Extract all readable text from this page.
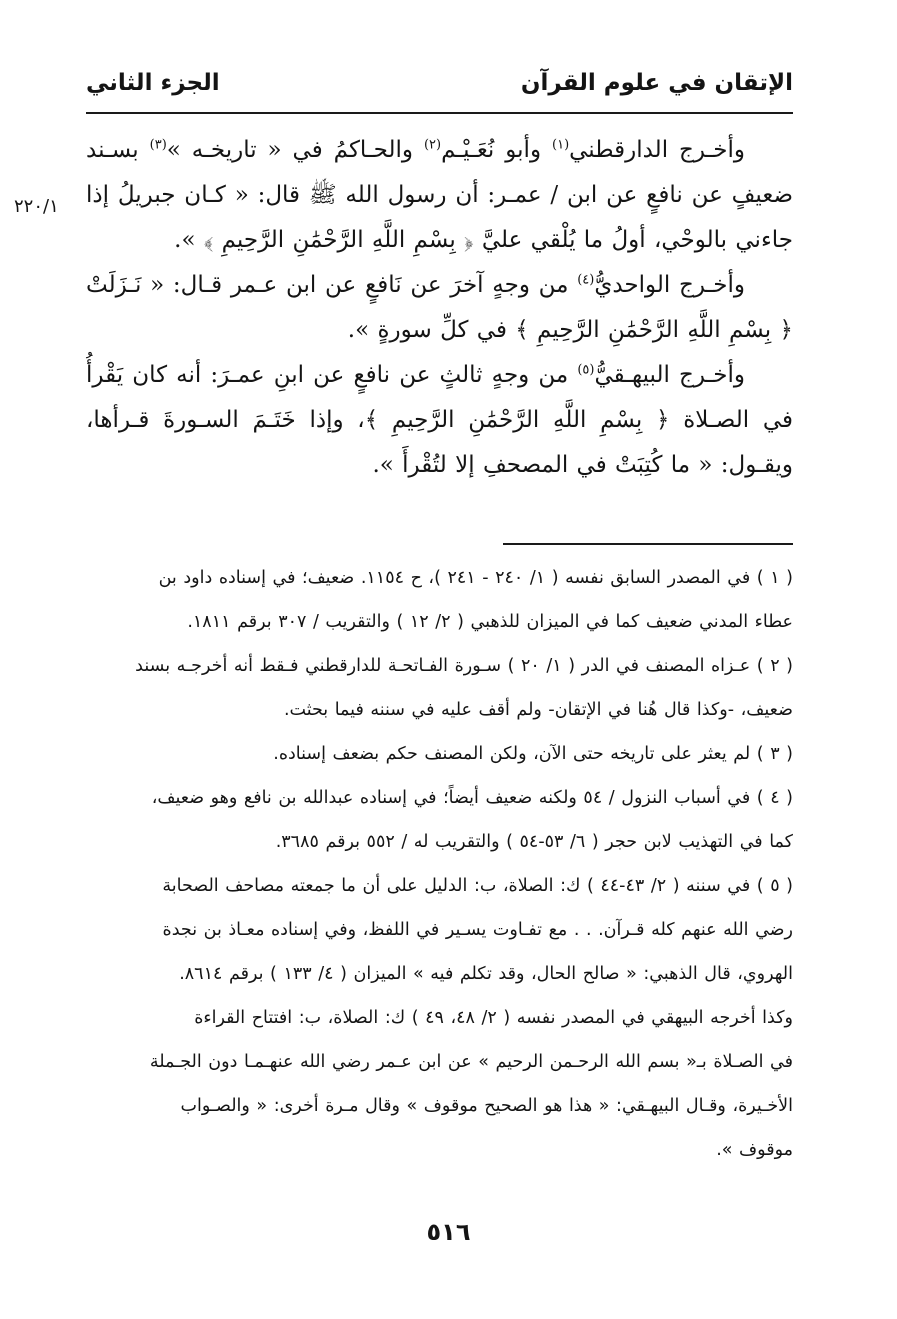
الإتقان في علوم القرآن
الجزء الثاني
٢٢٠/١

وأخـرج الدارقطني$^{(١)}$ وأبو نُعَـيْـم$^{(٢)}$ والحـاكمُ في « تاريخـه »$^{(٣)}$ بسـند ضعيفٍ عن نافعٍ عن ابن / عمـر: أن رسول الله ﷺ قال: « كـان جبريلُ إذا جاءني بالوحْي، أولُ ما يُلْقي عليَّ ﴿ بِسْمِ اللَّهِ الرَّحْمَٰنِ الرَّحِيمِ ﴾ ».

وأخـرج الواحديُّ$^{(٤)}$ من وجهٍ آخرَ عن نَافعٍ عن ابن عـمر قـال: « نَـزَلَتْ ﴿ بِسْمِ اللَّهِ الرَّحْمَٰنِ الرَّحِيمِ ﴾ في كلِّ سورةٍ ».

وأخـرج البيهـقيُّ$^{(٥)}$ من وجهٍ ثالثٍ عن نافعٍ عن ابنِ عمـرَ: أنه كان يَقْرأُ في الصـلاة ﴿ بِسْمِ اللَّهِ الرَّحْمَٰنِ الرَّحِيمِ ﴾، وإذا خَتَـمَ السـورةَ قـرأها، ويقـول: « ما كُتِبَتْ في المصحفِ إلا لتُقْرأَ ».

( ١ ) في المصدر السابق نفسه ( ١/ ٢٤٠ - ٢٤١ )، ح ١١٥٤. ضعيف؛ في إسناده داود بن

عطاء المدني ضعيف كما في الميزان للذهبي ( ٢/ ١٢ ) والتقريب / ٣٠٧ برقم ١٨١١.

( ٢ ) عـزاه المصنف في الدر ( ١/ ٢٠ ) سـورة الفـاتحـة للدارقطني فـقط أنه أخرجـه بسند

ضعيف، -وكذا قال هُنا في الإتقان- ولم أقف عليه في سننه فيما بحثت.

( ٣ ) لم يعثر على تاريخه حتى الآن، ولكن المصنف حكم بضعف إسناده.

( ٤ ) في أسباب النزول / ٥٤ ولكنه ضعيف أيضاً؛ في إسناده عبدالله بن نافع وهو ضعيف،

كما في التهذيب لابن حجر ( ٦/ ٥٣-٥٤ ) والتقريب له / ٥٥٢ برقم ٣٦٨٥.

( ٥ ) في سننه ( ٢/ ٤٣-٤٤ ) ك: الصلاة، ب: الدليل على أن ما جمعته مصاحف الصحابة

رضي الله عنهم كله قـرآن. . . مع تفـاوت يسـير في اللفظ، وفي إسناده معـاذ بن نجدة

الهروي، قال الذهبي: « صالح الحال، وقد تكلم فيه » الميزان ( ٤/ ١٣٣ ) برقم ٨٦١٤.

وكذا أخرجه البيهقي في المصدر نفسه ( ٢/ ٤٨، ٤٩ ) ك: الصلاة، ب: افتتاح القراءة

في الصـلاة بـ« بسم الله الرحـمن الرحيم » عن ابن عـمر رضي الله عنهـمـا دون الجـملة

الأخـيرة، وقـال البيهـقي: « هذا هو الصحيح موقوف » وقال مـرة أخرى: « والصـواب

موقوف ».

٥١٦
